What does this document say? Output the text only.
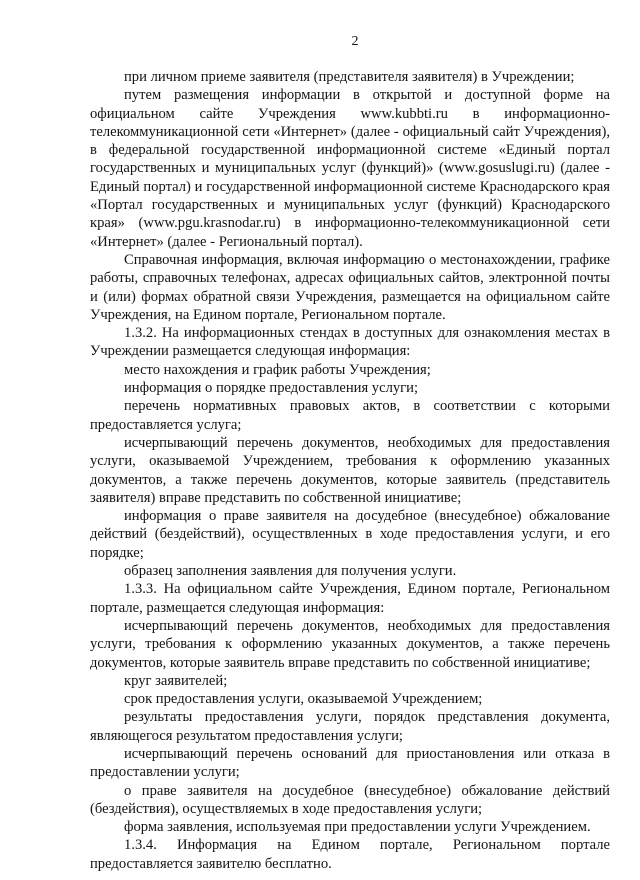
2

при личном приеме заявителя (представителя заявителя) в Учреждении;

путем размещения информации в открытой и доступной форме на официальном сайте Учреждения www.kubbti.ru в информационно-телекоммуникационной сети «Интернет» (далее - официальный сайт Учреждения), в федеральной государственной информационной системе «Единый портал государственных и муниципальных услуг (функций)» (www.gosuslugi.ru) (далее - Единый портал) и государственной информационной системе Краснодарского края «Портал государственных и муниципальных услуг (функций) Краснодарского края» (www.pgu.krasnodar.ru) в информационно-телекоммуникационной сети «Интернет» (далее - Региональный портал).

Справочная информация, включая информацию о местонахождении, графике работы, справочных телефонах, адресах официальных сайтов, электронной почты и (или) формах обратной связи Учреждения, размещается на официальном сайте Учреждения, на Едином портале, Региональном портале.

1.3.2. На информационных стендах в доступных для ознакомления местах в Учреждении размещается следующая информация:

место нахождения и график работы Учреждения;

информация о порядке предоставления услуги;

перечень нормативных правовых актов, в соответствии с которыми предоставляется услуга;

исчерпывающий перечень документов, необходимых для предоставления услуги, оказываемой Учреждением, требования к оформлению указанных документов, а также перечень документов, которые заявитель (представитель заявителя) вправе представить по собственной инициативе;

информация о праве заявителя на досудебное (внесудебное) обжалование действий (бездействий), осуществленных в ходе предоставления услуги, и его порядке;

образец заполнения заявления для получения услуги.

1.3.3. На официальном сайте Учреждения, Едином портале, Региональном портале, размещается следующая информация:

исчерпывающий перечень документов, необходимых для предоставления услуги, требования к оформлению указанных документов, а также перечень документов, которые заявитель вправе представить по собственной инициативе;

круг заявителей;

срок предоставления услуги, оказываемой Учреждением;

результаты предоставления услуги, порядок представления документа, являющегося результатом предоставления услуги;

исчерпывающий перечень оснований для приостановления или отказа в предоставлении услуги;

о праве заявителя на досудебное (внесудебное) обжалование действий (бездействия), осуществляемых в ходе предоставления услуги;

форма заявления, используемая при предоставлении услуги Учреждением.

1.3.4. Информация на Едином портале, Региональном портале предоставляется заявителю бесплатно.
